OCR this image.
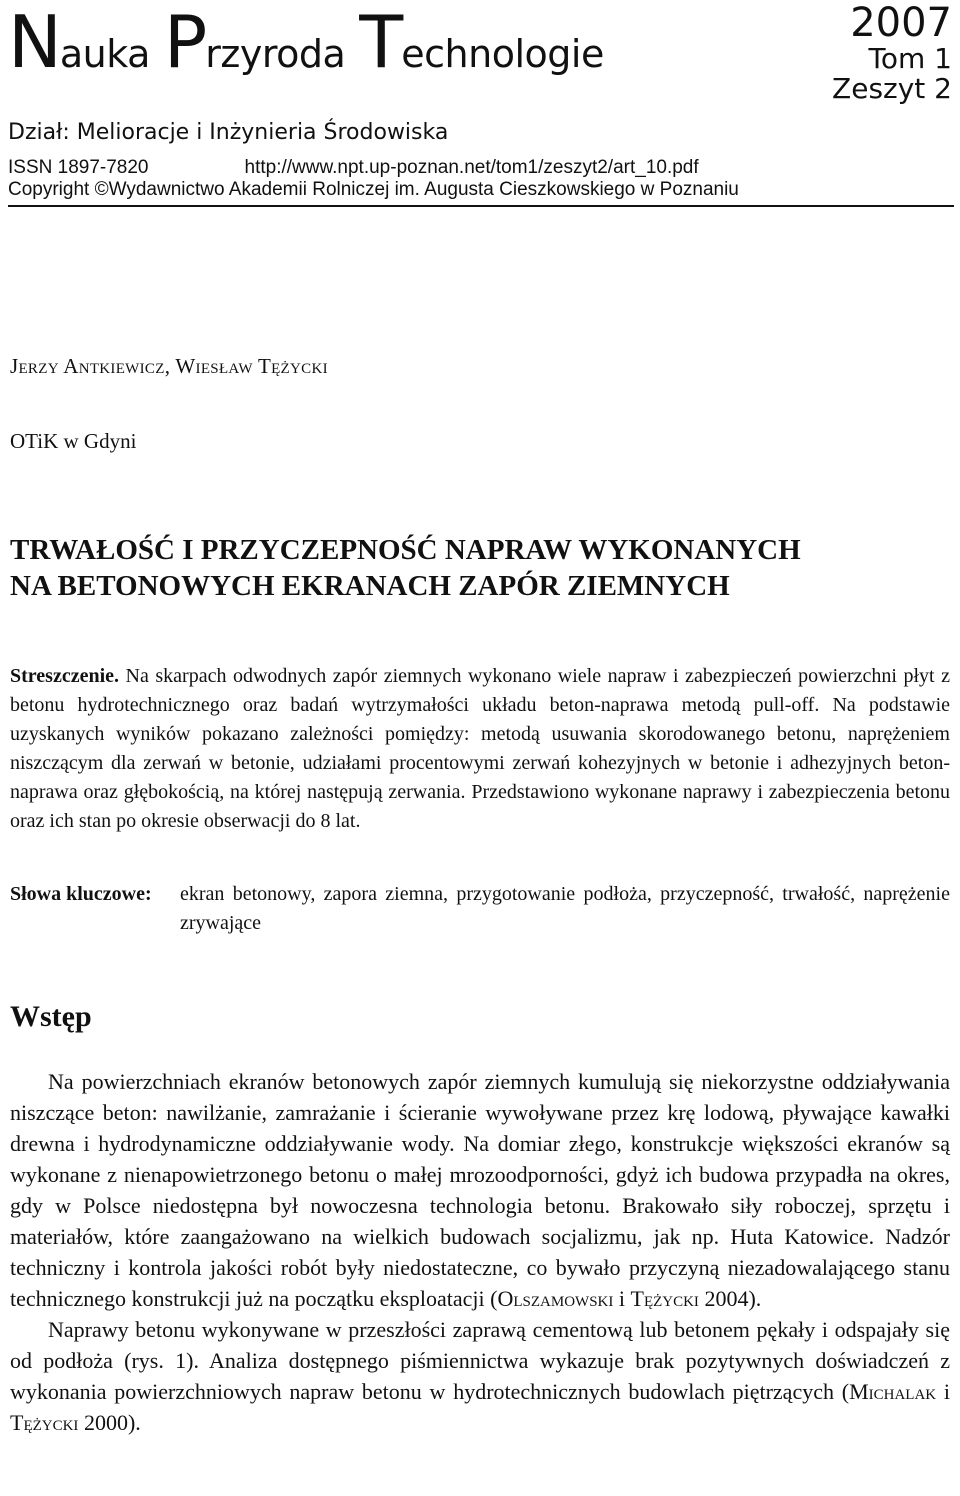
Nauka Przyroda Technologie
2007
Tom 1
Zeszyt 2
Dział: Melioracje i Inżynieria Środowiska
ISSN 1897-7820	http://www.npt.up-poznan.net/tom1/zeszyt2/art_10.pdf
Copyright ©Wydawnictwo Akademii Rolniczej im. Augusta Cieszkowskiego w Poznaniu
Jerzy Antkiewicz, Wiesław Tężycki
OTiK w Gdyni
TRWAŁOŚĆ I PRZYCZEPNOŚĆ NAPRAW WYKONANYCH
NA BETONOWYCH EKRANACH ZAPÓR ZIEMNYCH
Streszczenie. Na skarpach odwodnych zapór ziemnych wykonano wiele napraw i zabezpieczeń powierzchni płyt z betonu hydrotechnicznego oraz badań wytrzymałości układu beton-naprawa metodą pull-off. Na podstawie uzyskanych wyników pokazano zależności pomiędzy: metodą usuwania skorodowanego betonu, naprężeniem niszczącym dla zerwań w betonie, udziałami procentowymi zerwań kohezyjnych w betonie i adhezyjnych beton-naprawa oraz głębokością, na której następują zerwania. Przedstawiono wykonane naprawy i zabezpieczenia betonu oraz ich stan po okresie obserwacji do 8 lat.
Słowa kluczowe: ekran betonowy, zapora ziemna, przygotowanie podłoża, przyczepność, trwałość, naprężenie zrywające
Wstęp

Na powierzchniach ekranów betonowych zapór ziemnych kumulują się niekorzystne oddziaływania niszczące beton: nawilżanie, zamrażanie i ścieranie wywoływane przez krę lodową, pływające kawałki drewna i hydrodynamiczne oddziaływanie wody. Na domiar złego, konstrukcje większości ekranów są wykonane z nienapowietrzonego betonu o małej mrozoodporności, gdyż ich budowa przypadła na okres, gdy w Polsce niedostępna był nowoczesna technologia betonu. Brakowało siły roboczej, sprzętu i materiałów, które zaangażowano na wielkich budowach socjalizmu, jak np. Huta Katowice. Nadzór techniczny i kontrola jakości robót były niedostateczne, co bywało przyczyną niezadowalającego stanu technicznego konstrukcji już na początku eksploatacji (Olszamowski i Tężycki 2004).

Naprawy betonu wykonywane w przeszłości zaprawą cementową lub betonem pękały i odspajały się od podłoża (rys. 1). Analiza dostępnego piśmiennictwa wykazuje brak pozytywnych doświadczeń z wykonania powierzchniowych napraw betonu w hydrotechnicznych budowlach piętrzących (Michalak i Tężycki 2000).
